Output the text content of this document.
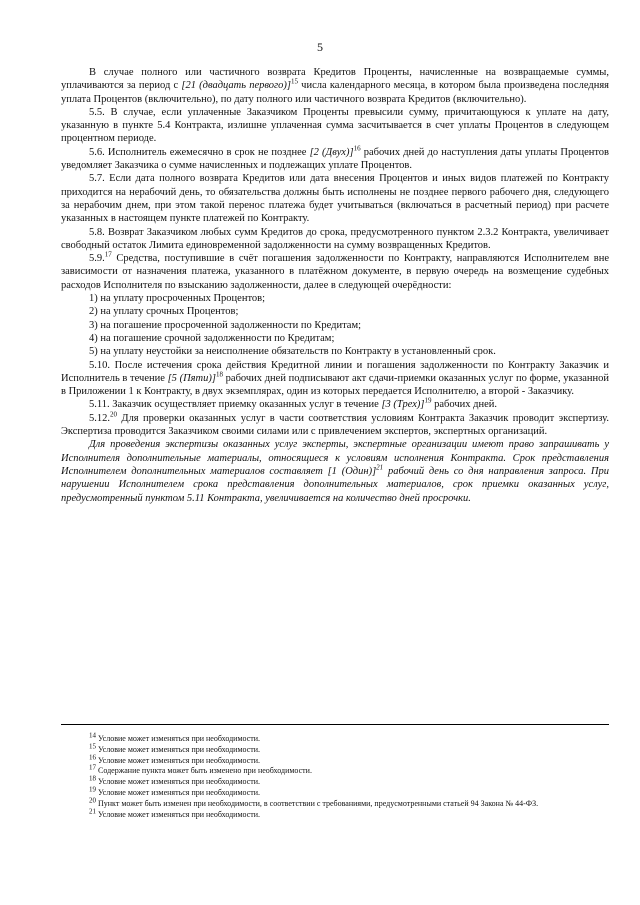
5

В случае полного или частичного возврата Кредитов Проценты, начисленные на возвращаемые суммы, уплачиваются за период с [21 (двадцать первого)]$^{15}$ числа календарного месяца, в котором была произведена последняя уплата Процентов (включительно), по дату полного или частичного возврата Кредитов (включительно).

5.5. В случае, если уплаченные Заказчиком Проценты превысили сумму, причитающуюся к уплате на дату, указанную в пункте 5.4 Контракта, излишне уплаченная сумма засчитывается в счет уплаты Процентов в следующем процентном периоде.

5.6. Исполнитель ежемесячно в срок не позднее [2 (Двух)]$^{16}$ рабочих дней до наступления даты уплаты Процентов уведомляет Заказчика о сумме начисленных и подлежащих уплате Процентов.

5.7. Если дата полного возврата Кредитов или дата внесения Процентов и иных видов платежей по Контракту приходится на нерабочий день, то обязательства должны быть исполнены не позднее первого рабочего дня, следующего за нерабочим днем, при этом такой перенос платежа будет учитываться (включаться в расчетный период) при расчете указанных в настоящем пункте платежей по Контракту.

5.8. Возврат Заказчиком любых сумм Кредитов до срока, предусмотренного пунктом 2.3.2 Контракта, увеличивает свободный остаток Лимита единовременной задолженности на сумму возвращенных Кредитов.

5.9.17 Средства, поступившие в счёт погашения задолженности по Контракту, направляются Исполнителем вне зависимости от назначения платежа, указанного в платёжном документе, в первую очередь на возмещение судебных расходов Исполнителя по взысканию задолженности, далее в следующей очерёдности:

1) на уплату просроченных Процентов;

2) на уплату срочных Процентов;

3) на погашение просроченной задолженности по Кредитам;

4) на погашение срочной задолженности по Кредитам;

5) на уплату неустойки за неисполнение обязательств по Контракту в установленный срок.

5.10. После истечения срока действия Кредитной линии и погашения задолженности по Контракту Заказчик и Исполнитель в течение [5 (Пяти)]$^{18}$ рабочих дней подписывают акт сдачи-приемки оказанных услуг по форме, указанной в Приложении 1 к Контракту, в двух экземплярах, один из которых передается Исполнителю, а второй - Заказчику.

5.11. Заказчик осуществляет приемку оказанных услуг в течение [3 (Трех)]$^{19}$ рабочих дней.

5.12.20 Для проверки оказанных услуг в части соответствия условиям Контракта Заказчик проводит экспертизу. Экспертиза проводится Заказчиком своими силами или с привлечением экспертов, экспертных организаций.

Для проведения экспертизы оказанных услуг эксперты, экспертные организации имеют право запрашивать у Исполнителя дополнительные материалы, относящиеся к условиям исполнения Контракта. Срок представления Исполнителем дополнительных материалов составляет [1 (Один)]$^{21}$ рабочий день со дня направления запроса. При нарушении Исполнителем срока представления дополнительных материалов, срок приемки оказанных услуг, предусмотренный пунктом 5.11 Контракта, увеличивается на количество дней просрочки.

$^{14}$ Условие может изменяться при необходимости.

$^{15}$ Условие может изменяться при необходимости.

$^{16}$ Условие может изменяться при необходимости.

$^{17}$ Содержание пункта может быть изменено при необходимости.

$^{18}$ Условие может изменяться при необходимости.

$^{19}$ Условие может изменяться при необходимости.

$^{20}$ Пункт может быть изменен при необходимости, в соответствии с требованиями, предусмотренными статьей 94 Закона № 44-ФЗ.

$^{21}$ Условие может изменяться при необходимости.
